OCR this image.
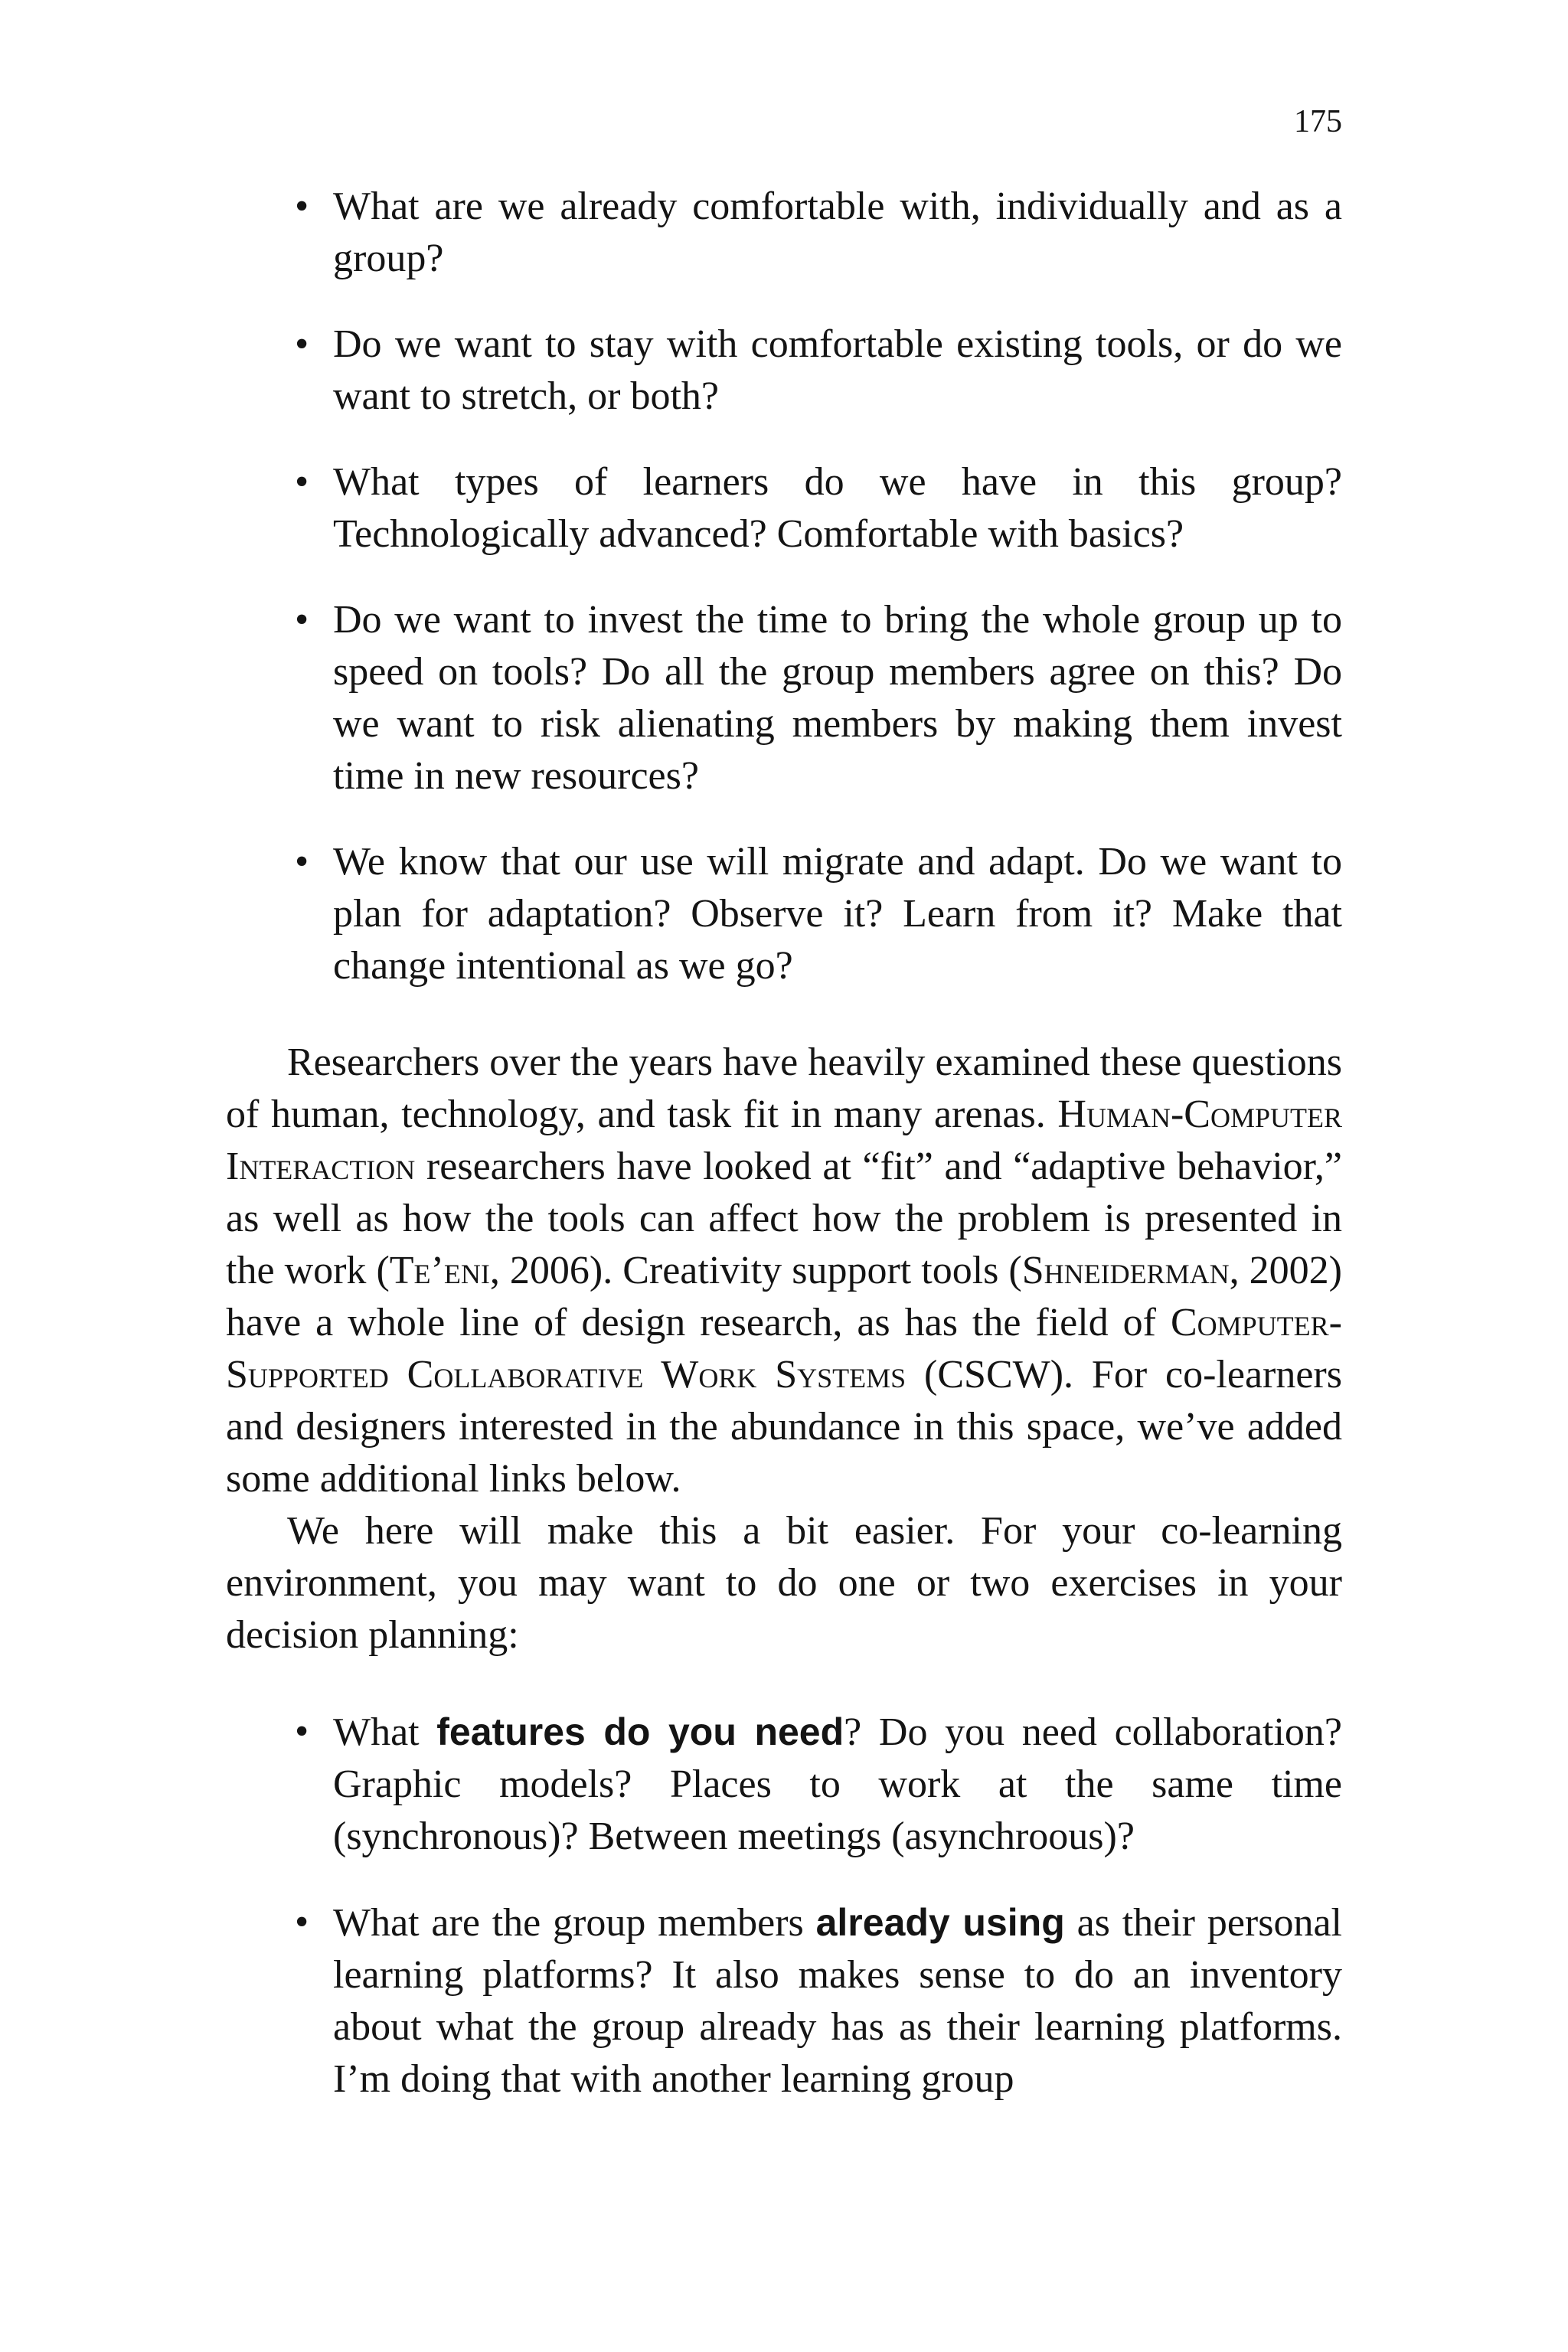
175
• What are we already comfortable with, individually and as a group?
• Do we want to stay with comfortable existing tools, or do we want to stretch, or both?
• What types of learners do we have in this group? Technologically advanced? Comfortable with basics?
• Do we want to invest the time to bring the whole group up to speed on tools? Do all the group members agree on this? Do we want to risk alienating members by making them invest time in new resources?
• We know that our use will migrate and adapt. Do we want to plan for adaptation? Observe it? Learn from it? Make that change intentional as we go?

Researchers over the years have heavily examined these questions of human, technology, and task fit in many arenas. Human-Computer Interaction researchers have looked at “fit” and “adaptive behavior,” as well as how the tools can affect how the problem is presented in the work (Te’eni, 2006). Creativity support tools (Shneiderman, 2002) have a whole line of design research, as has the field of Computer-Supported Collaborative Work Systems (CSCW). For co-learners and designers interested in the abundance in this space, we’ve added some additional links below.

We here will make this a bit easier. For your co-learning environment, you may want to do one or two exercises in your decision planning:

• What features do you need? Do you need collaboration? Graphic models? Places to work at the same time (synchronous)? Between meetings (asynchroous)?
• What are the group members already using as their personal learning platforms? It also makes sense to do an inventory about what the group already has as their learning platforms. I’m doing that with another learning group
